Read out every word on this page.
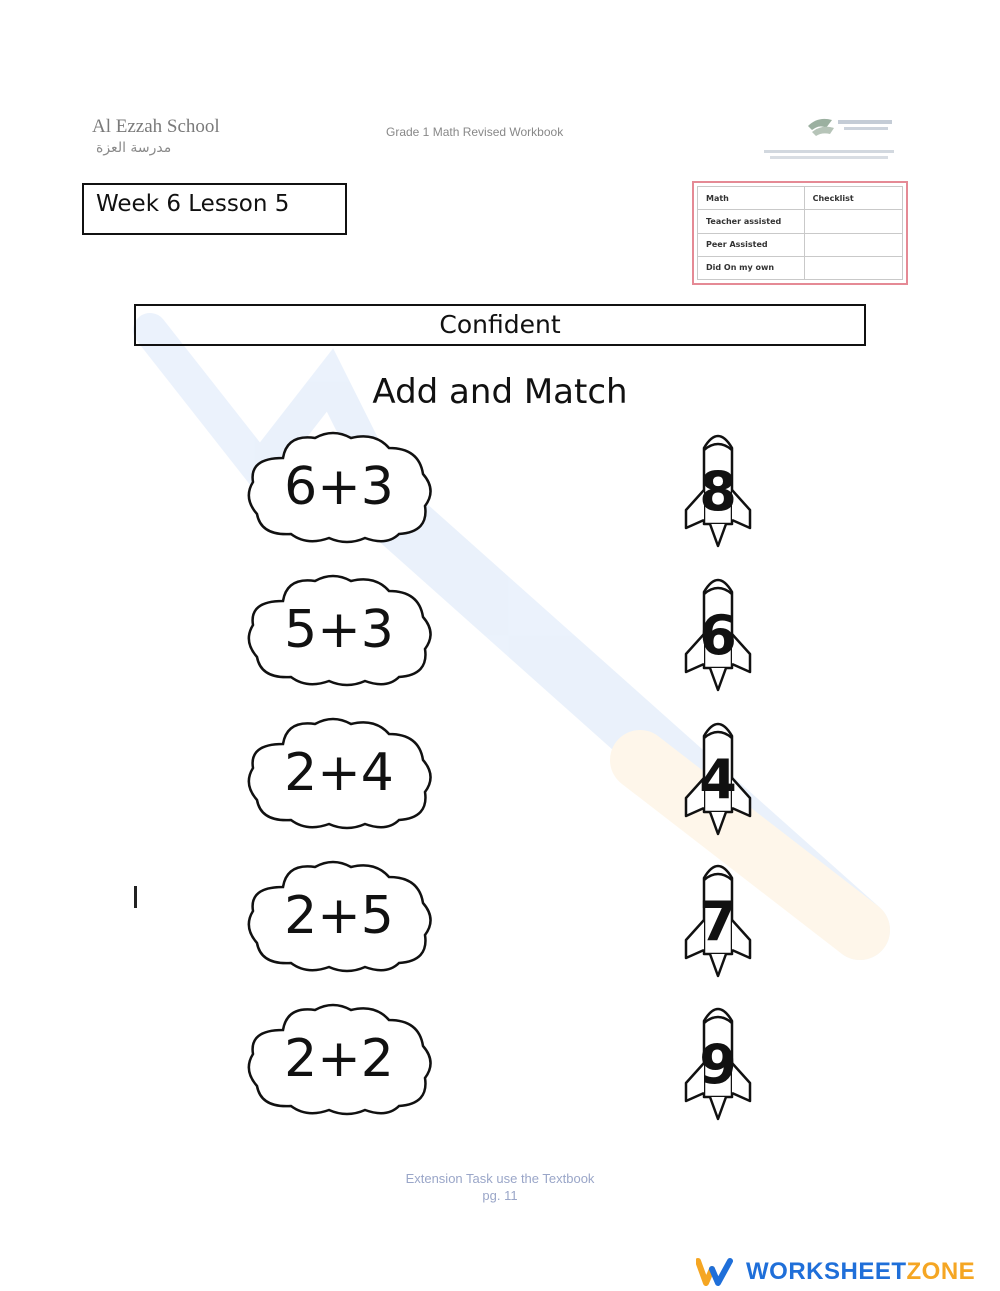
Al Ezzah School
مدرسة العزة
Grade 1 Math Revised Workbook
Week 6 Lesson 5	Math	Checklist
Teacher assisted	
Peer Assisted	
Did On my own	
Confident
Add and Match
6+3
5+3
2+4
2+5
2+2
8
6
4
7
9
Extension Task use the Textbook
pg. 11
WORKSHEETZONE
